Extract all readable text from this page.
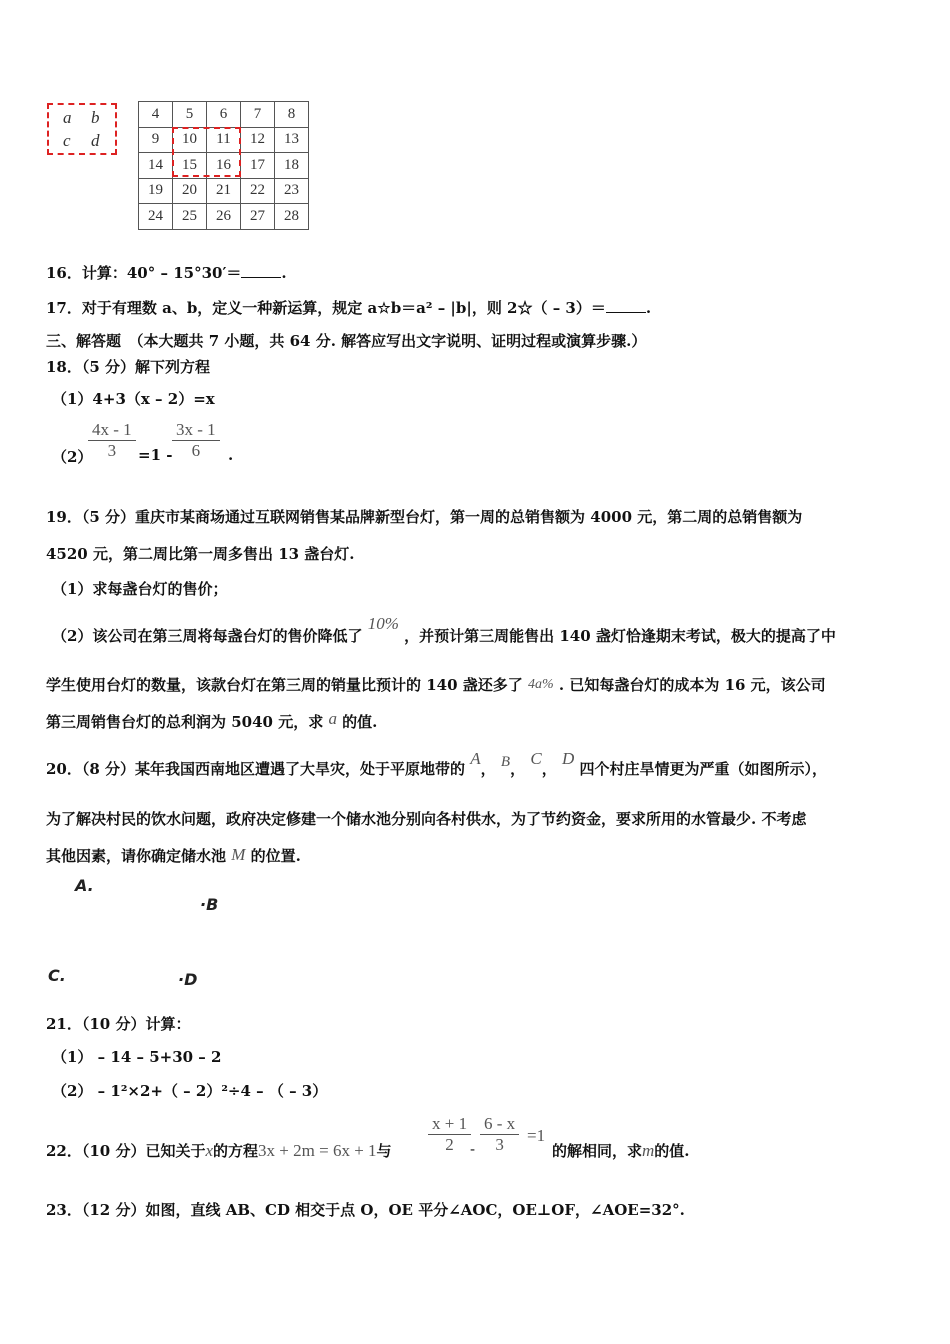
a b
c d
4	5	6	7	8
9	10	11	12	13
14	15	16	17	18
19	20	21	22	23
24	25	26	27	28
16．计算：40° – 15°30′＝	.
17．对于有理数 a、b，定义一种新运算，规定 a☆b＝a² – |b|，则 2☆（ – 3）＝	.
三、解答题　（本大题共 7 小题，共 64 分. 解答应写出文字说明、证明过程或演算步骤.）
18．（5 分）解下列方程
（1）4+3（x – 2）=x
（2）
$\frac{4x - 1}{3} =1 - \frac{3x - 1}{6}$ .
19．（5 分）重庆市某商场通过互联网销售某品牌新型台灯，第一周的总销售额为 4000 元，第二周的总销售额为
4520 元，第二周比第一周多售出 13 盏台灯.
（1）求每盏台灯的售价；
（2）该公司在第三周将每盏台灯的售价降低了 10% ，并预计第三周能售出 140 盏灯恰逢期末考试，极大的提高了中
学生使用台灯的数量，该款台灯在第三周的销量比预计的 140 盏还多了 4a% . 已知每盏台灯的成本为 16 元，该公司
第三周销售台灯的总利润为 5040 元，求 a 的值.
20．（8 分）某年我国西南地区遭遇了大旱灾，处于平原地带的 A， B， C， D 四个村庄旱情更为严重（如图所示），
为了解决村民的饮水问题，政府决定修建一个储水池分别向各村供水，为了节约资金，要求所用的水管最少. 不考虑
其他因素，请你确定储水池 M 的位置.
A.
·B
C.	·D
21．（10 分）计算：
（1） – 14 – 5+30 – 2
（2） – 1²×2+（ – 2）²÷4 – （ – 3）
22．（10 分）已知关于x的方程3x + 2m = 6x + 1与 $\frac{x + 1}{2}$
- $\frac{6 - x}{3} =1$
的解相同，求m的值.
23．（12 分）如图，直线 AB、CD 相交于点 O，OE 平分∠AOC，OE⊥OF，∠AOE=32°.
